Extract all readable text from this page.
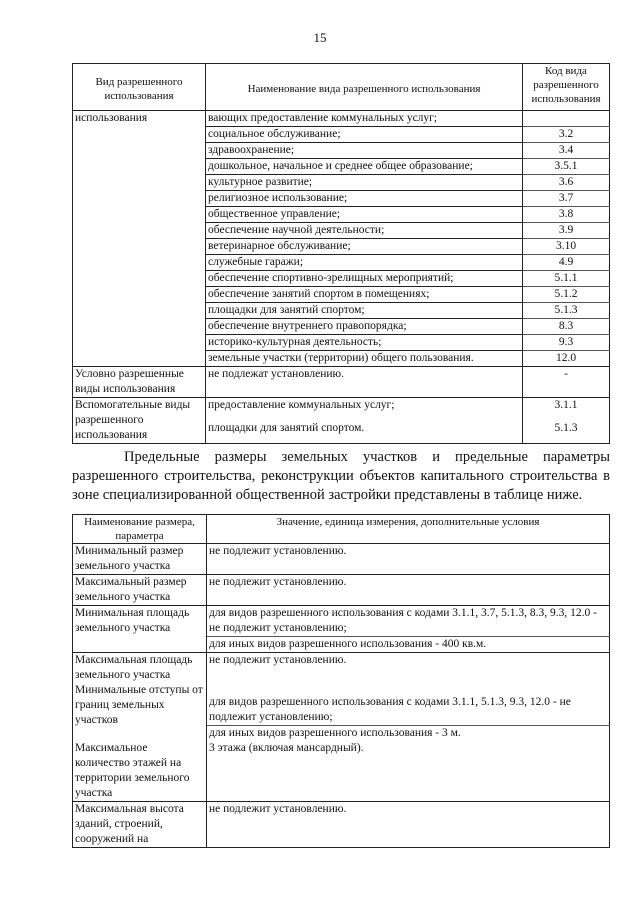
15
Вид разрешенного использования	Наименование вида разрешенного использования	Код вида разрешенного использования
использования	вающих предоставление коммунальных услуг;	
	социальное обслуживание;	3.2
	здравоохранение;	3.4
	дошкольное, начальное и среднее общее образование;	3.5.1
	культурное развитие;	3.6
	религиозное использование;	3.7
	общественное управление;	3.8
	обеспечение научной деятельности;	3.9
	ветеринарное обслуживание;	3.10
	служебные гаражи;	4.9
	обеспечение спортивно-зрелищных мероприятий;	5.1.1
	обеспечение занятий спортом в помещениях;	5.1.2
	площадки для занятий спортом;	5.1.3
	обеспечение внутреннего правопорядка;	8.3
	историко-культурная деятельность;	9.3
	земельные участки (территории) общего пользования.	12.0
Условно разрешенные виды использования	не подлежат установлению.	-
Вспомогательные виды разрешенного использования	предоставление коммунальных услуг;	3.1.1
	площадки для занятий спортом.	5.1.3
Предельные размеры земельных участков и предельные параметры разрешенного строительства, реконструкции объектов капитального строительства в зоне специализированной общественной застройки представлены в таблице ниже.
Наименование размера, параметра	Значение, единица измерения, дополнительные условия
Минимальный размер земельного участка	не подлежит установлению.
Максимальный размер земельного участка	не подлежит установлению.
Минимальная площадь земельного участка	для видов разрешенного использования с кодами 3.1.1, 3.7, 5.1.3, 8.3, 9.3, 12.0 - не подлежит установлению;
	для иных видов разрешенного использования - 400 кв.м.
Максимальная площадь земельного участка	не подлежит установлению.
Минимальные отступы от границ земельных участков	для видов разрешенного использования с кодами 3.1.1, 5.1.3, 9.3, 12.0 - не подлежит установлению;
	для иных видов разрешенного использования - 3 м.
Максимальное количество этажей на территории земельного участка	3 этажа (включая мансардный).
Максимальная высота зданий, строений, сооружений на	не подлежит установлению.
